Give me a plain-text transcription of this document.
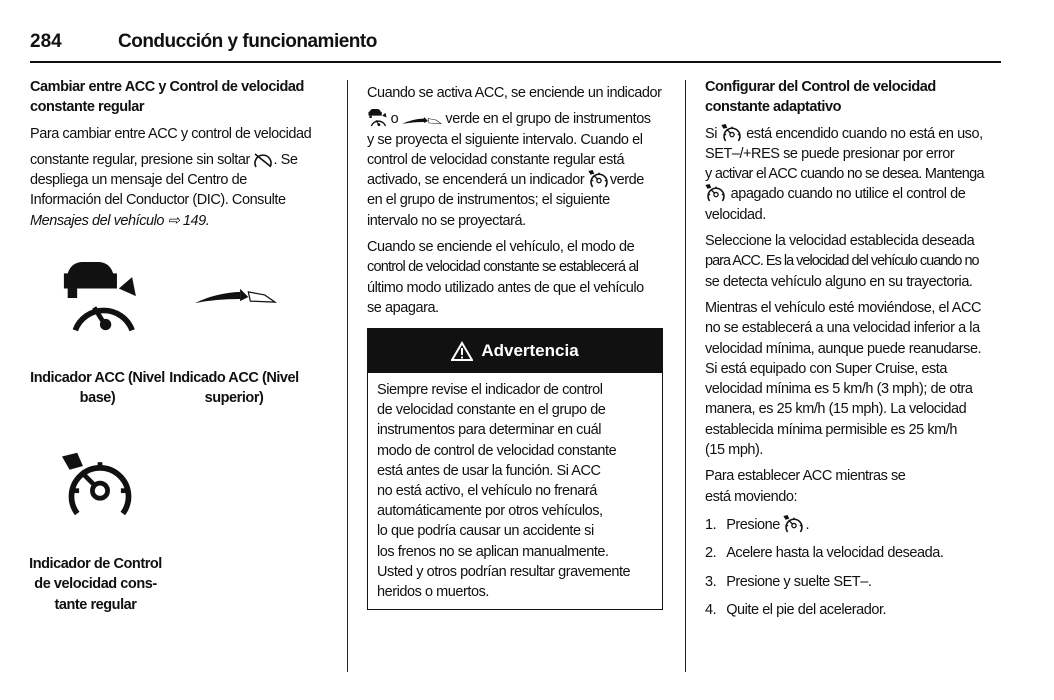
284	Conducción y funcionamiento
Cambiar entre ACC y Control de velocidad
constante regular
Para cambiar entre ACC y control de velocidad
constante regular, presione sin soltar . Se
despliega un mensaje del Centro de
Información del Conductor (DIC). Consulte
Mensajes del vehículo ⇨ 149.
Indicador ACC (Nivel
base)
Indicado ACC (Nivel
superior)
Indicador de Control
de velocidad cons-
tante regular
Cuando se activa ACC, se enciende un indicador
o	verde en el grupo de instrumentos
y se proyecta el siguiente intervalo. Cuando el
control de velocidad constante regular está
activado, se encenderá un indicador verde
en el grupo de instrumentos; el siguiente
intervalo no se proyectará.
Cuando se enciende el vehículo, el modo de
control de velocidad constante se establecerá al
último modo utilizado antes de que el vehículo
se apagara.
Advertencia
Siempre revise el indicador de control
de velocidad constante en el grupo de
instrumentos para determinar en cuál
modo de control de velocidad constante
está antes de usar la función. Si ACC
no está activo, el vehículo no frenará
automáticamente por otros vehículos,
lo que podría causar un accidente si
los frenos no se aplican manualmente.
Usted y otros podrían resultar gravemente
heridos o muertos.
Configurar del Control de velocidad
constante adaptativo
Si está encendido cuando no está en uso,
SET–/+RES se puede presionar por error
y activar el ACC cuando no se desea. Mantenga
apagado cuando no utilice el control de
velocidad.
Seleccione la velocidad establecida deseada
para ACC. Es la velocidad del vehículo cuando no
se detecta vehículo alguno en su trayectoria.
Mientras el vehículo esté moviéndose, el ACC
no se establecerá a una velocidad inferior a la
velocidad mínima, aunque puede reanudarse.
Si está equipado con Super Cruise, esta
velocidad mínima es 5 km/h (3 mph); de otra
manera, es 25 km/h (15 mph). La velocidad
establecida mínima permisible es 25 km/h
(15 mph).
Para establecer ACC mientras se
está moviendo:
1. Presione .
2. Acelere hasta la velocidad deseada.
3. Presione y suelte SET–.
4. Quite el pie del acelerador.
